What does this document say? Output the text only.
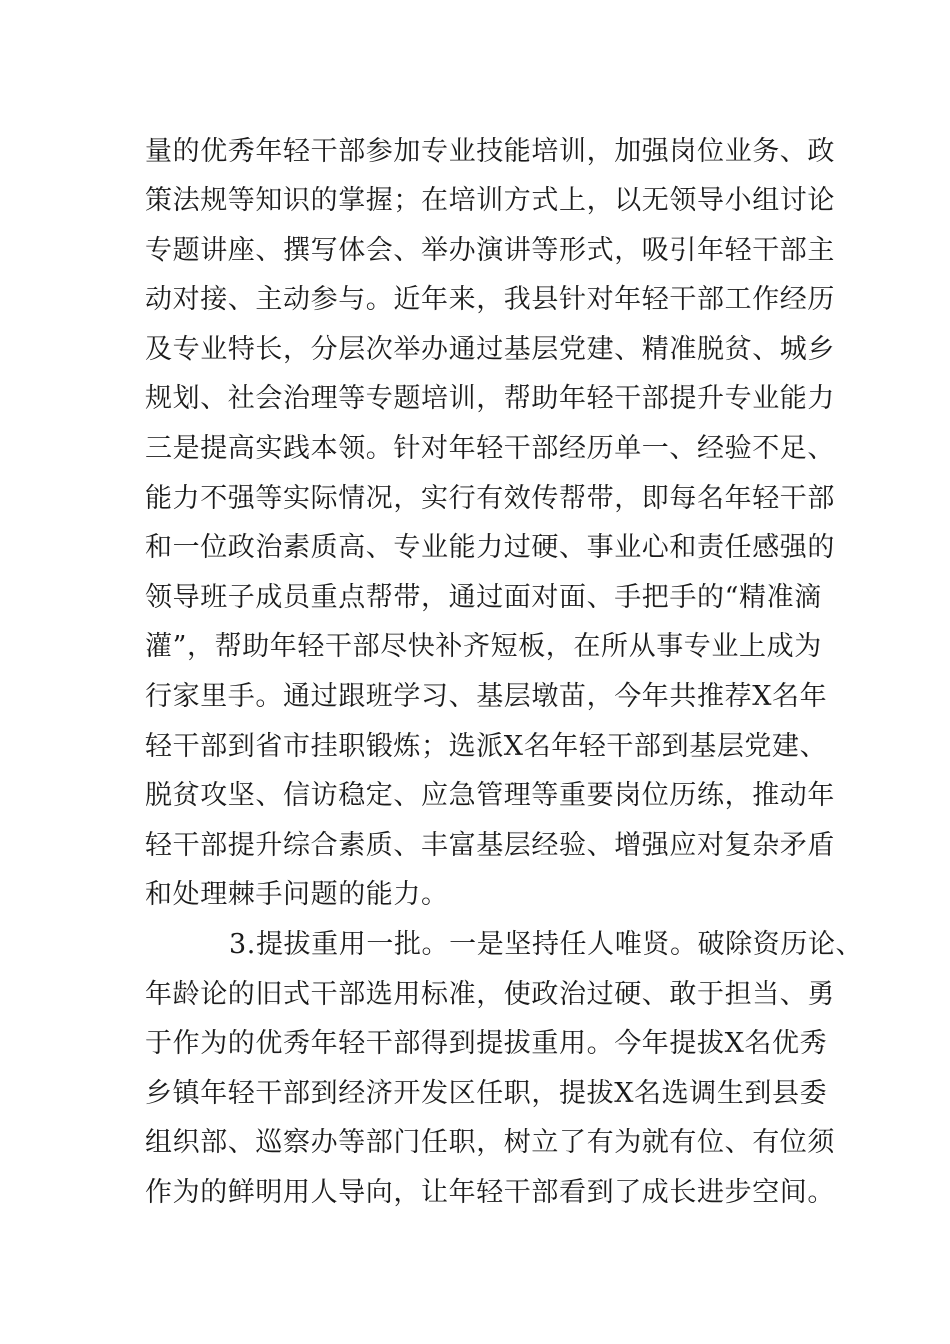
量的优秀年轻干部参加专业技能培训，加强岗位业务、政
策法规等知识的掌握；在培训方式上，以无领导小组讨论
专题讲座、撰写体会、举办演讲等形式，吸引年轻干部主
动对接、主动参与。近年来，我县针对年轻干部工作经历
及专业特长，分层次举办通过基层党建、精准脱贫、城乡
规划、社会治理等专题培训，帮助年轻干部提升专业能力
三是提高实践本领。针对年轻干部经历单一、经验不足、
能力不强等实际情况，实行有效传帮带，即每名年轻干部
和一位政治素质高、专业能力过硬、事业心和责任感强的
领导班子成员重点帮带，通过面对面、手把手的“精准滴
灌”，帮助年轻干部尽快补齐短板，在所从事专业上成为
行家里手。通过跟班学习、基层墩苗，今年共推荐X名年
轻干部到省市挂职锻炼；选派X名年轻干部到基层党建、
脱贫攻坚、信访稳定、应急管理等重要岗位历练，推动年
轻干部提升综合素质、丰富基层经验、增强应对复杂矛盾
和处理棘手问题的能力。
3.提拔重用一批。一是坚持任人唯贤。破除资历论、
年龄论的旧式干部选用标准，使政治过硬、敢于担当、勇
于作为的优秀年轻干部得到提拔重用。今年提拔X名优秀
乡镇年轻干部到经济开发区任职，提拔X名选调生到县委
组织部、巡察办等部门任职，树立了有为就有位、有位须
作为的鲜明用人导向，让年轻干部看到了成长进步空间。
